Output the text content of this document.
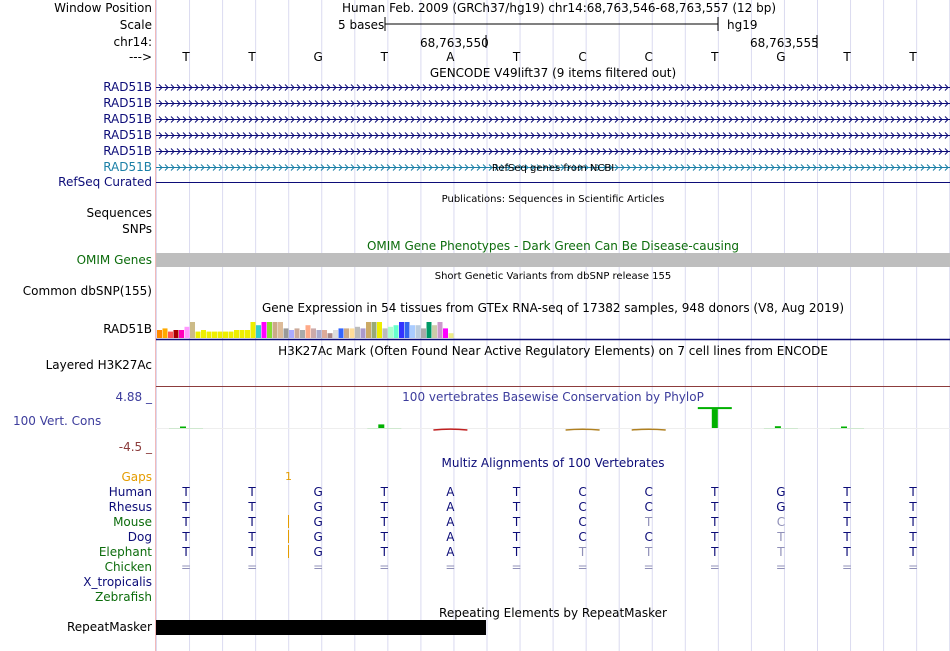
Window Position
Scale
chr14:
--->
Human Feb. 2009 (GRCh37/hg19) chr14:68,763,546-68,763,557 (12 bp)
5 bases	hg19
68,763,550	68,763,555
T	T	G	T	A	T	C	C	T	G	T	T
GENCODE V49lift37 (9 items filtered out)
RAD51B
RAD51B
RAD51B
RAD51B
RAD51B
RAD51B	RefSeq genes from NCBI
RefSeq Curated
Publications: Sequences in Scientific Articles
Sequences
SNPs
OMIM Gene Phenotypes - Dark Green Can Be Disease-causing
OMIM Genes
Short Genetic Variants from dbSNP release 155
Common dbSNP(155)
Gene Expression in 54 tissues from GTEx RNA-seq of 17382 samples, 948 donors (V8, Aug 2019)
RAD51B
H3K27Ac Mark (Often Found Near Active Regulatory Elements) on 7 cell lines from ENCODE
Layered H3K27Ac
100 vertebrates Basewise Conservation by PhyloP
4.88 _
100 Vert. Cons
-4.5 _
Multiz Alignments of 100 Vertebrates
Gaps	1
Human	T	T	G	T	A	T	C	C	T	G	T	T
Rhesus	T	T	G	T	A	T	C	C	T	G	T	T
Mouse	T	T	G	T	A	T	C	T	T	C	T	T
Dog	T	T	G	T	A	T	C	C	T	T	T	T
Elephant	T	T	G	T	A	T	T	T	T	T	T	T
Chicken =	=	=	=	=	=	=	=	=	=	=	=
X_tropicalis
Zebrafish
Repeating Elements by RepeatMasker
RepeatMasker
